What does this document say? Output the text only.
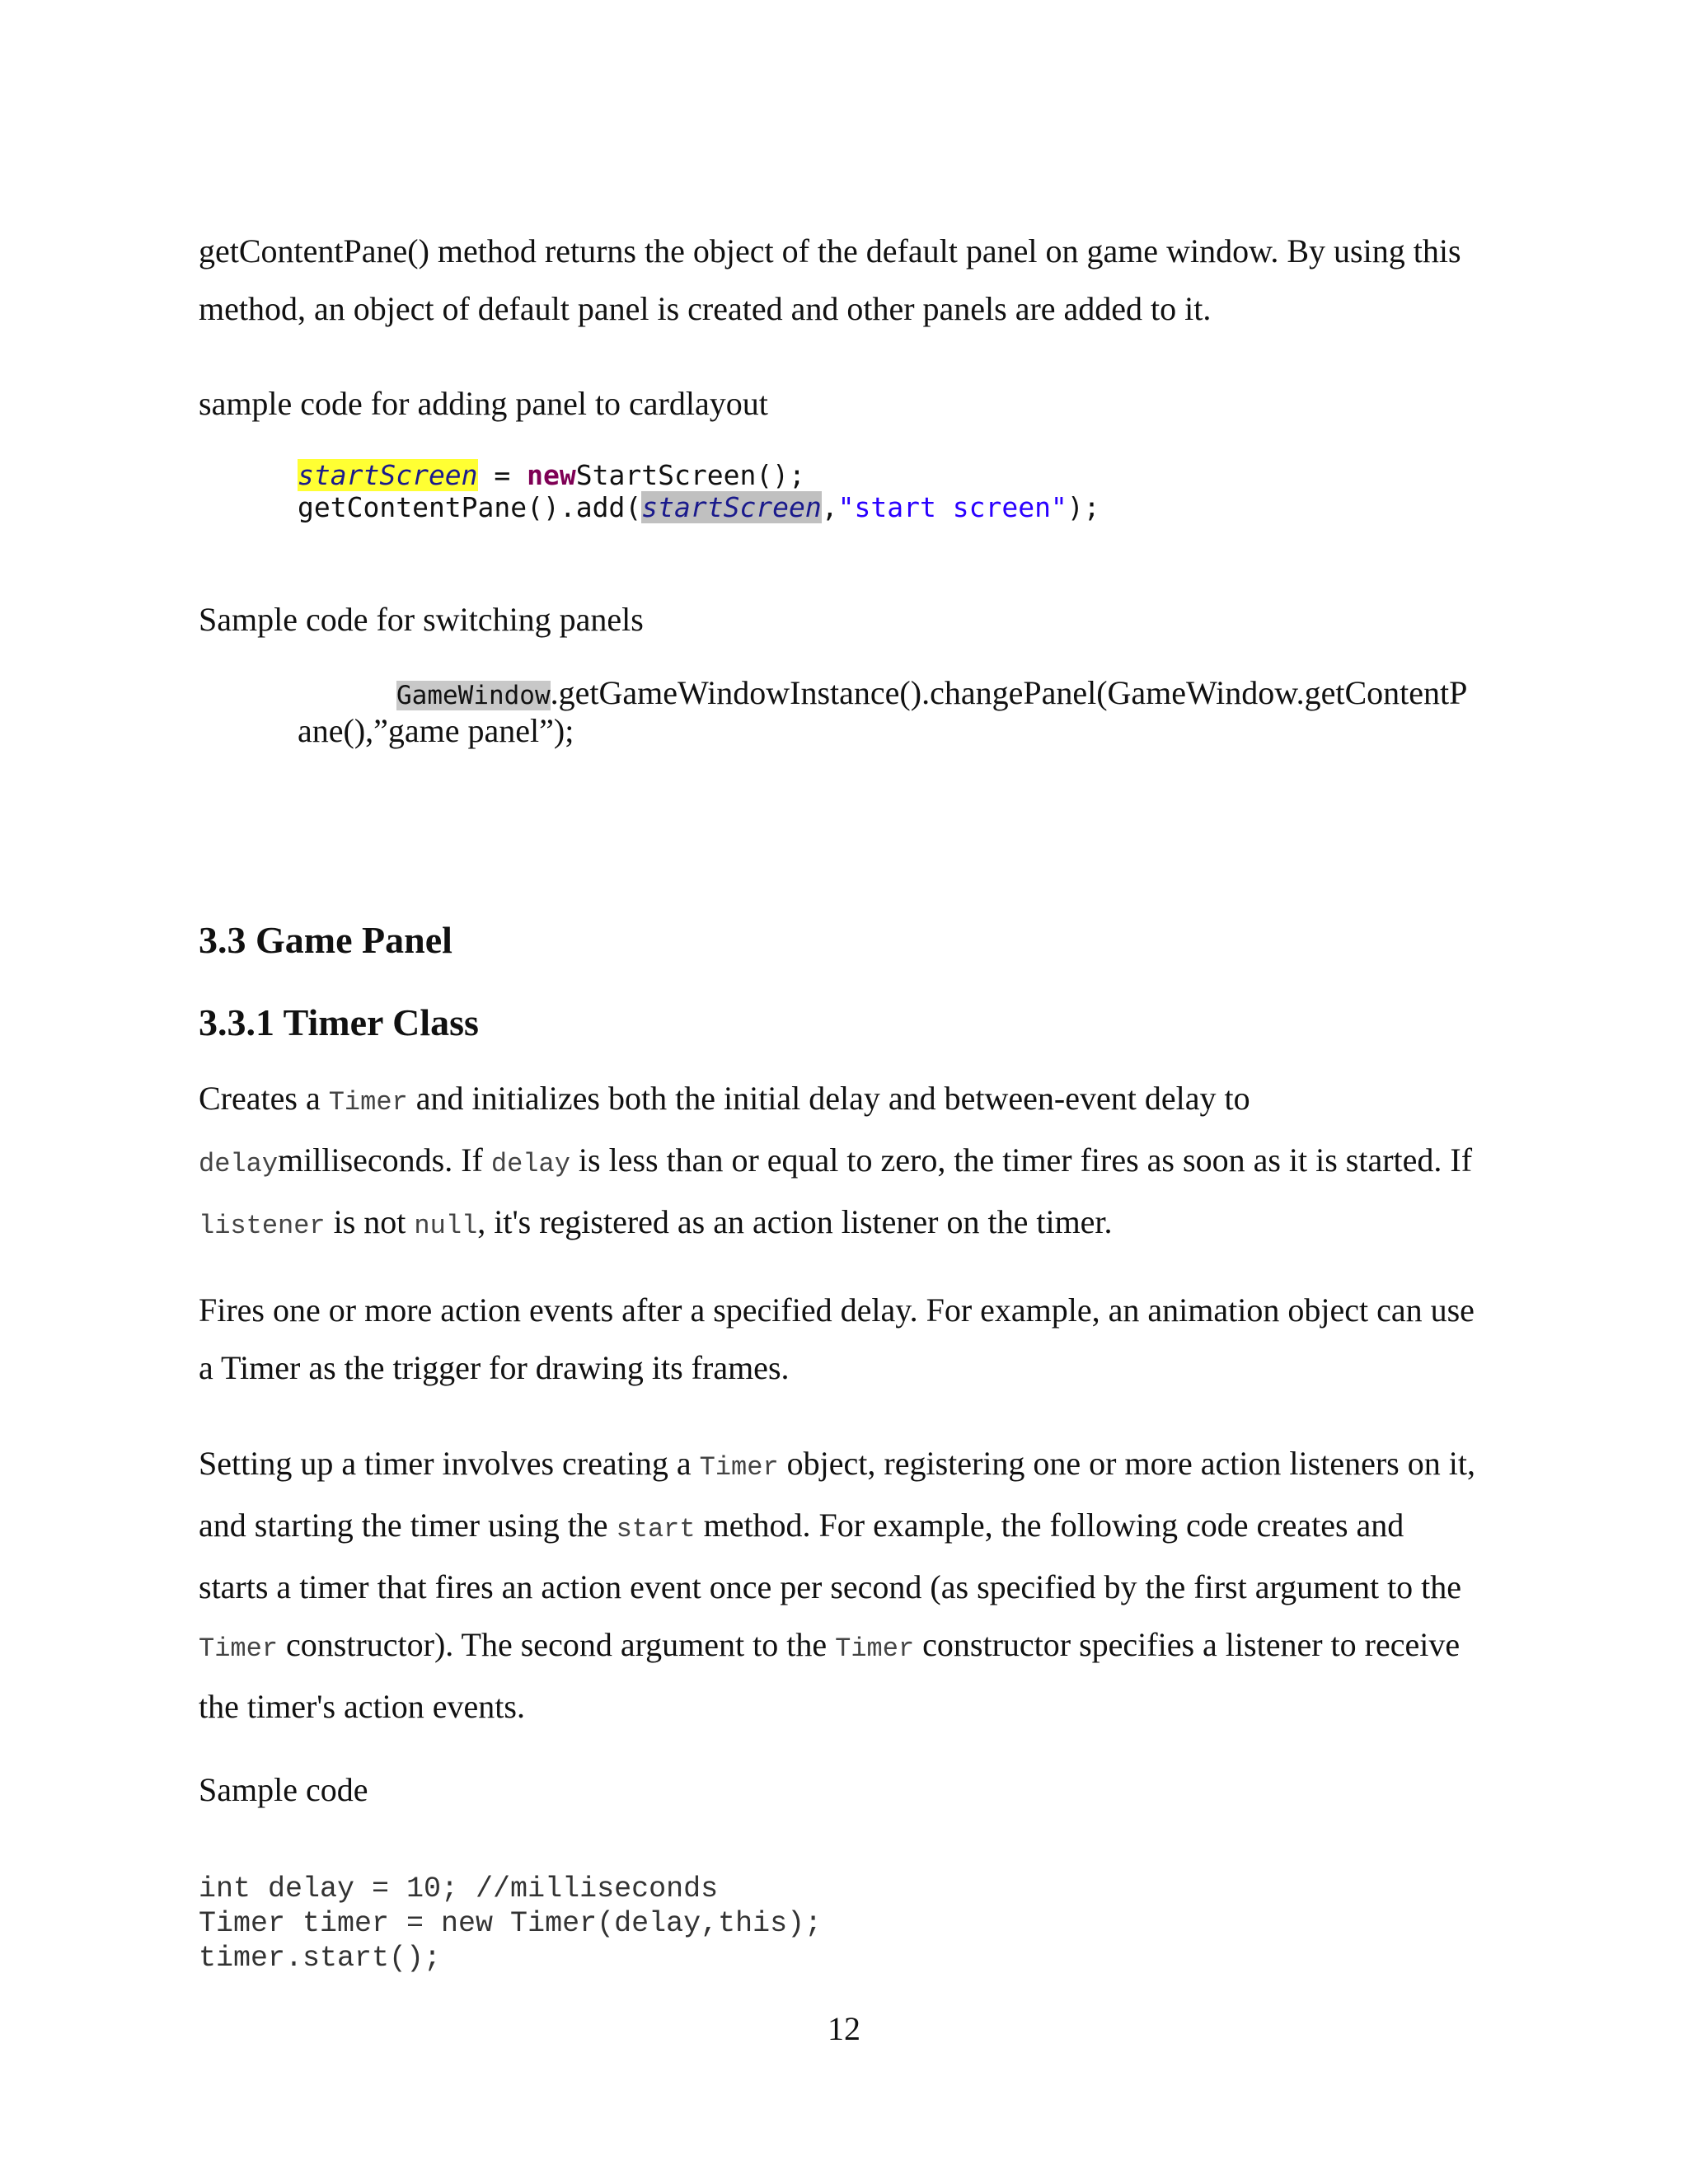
getContentPane() method returns the object of the default panel on game window. By using this

method, an object of default panel is created and other panels are added to it.

sample code for adding panel to cardlayout

startScreen = newStartScreen();
getContentPane().add(startScreen,"start screen");

Sample code for switching panels

GameWindow.getGameWindowInstance().changePanel(GameWindow.getContentP
ane(),”game panel”);

3.3 Game Panel

3.3.1 Timer Class

Creates a Timer and initializes both the initial delay and between-event delay to

delaymilliseconds. If delay is less than or equal to zero, the timer fires as soon as it is started. If

listener is not null, it's registered as an action listener on the timer.

Fires one or more action events after a specified delay. For example, an animation object can use

a Timer as the trigger for drawing its frames.

Setting up a timer involves creating a Timer object, registering one or more action listeners on it,

and starting the timer using the start method. For example, the following code creates and

starts a timer that fires an action event once per second (as specified by the first argument to the

Timer constructor). The second argument to the Timer constructor specifies a listener to receive

the timer's action events.

Sample code

int delay = 10; //milliseconds
Timer timer = new Timer(delay,this);
timer.start();
12
